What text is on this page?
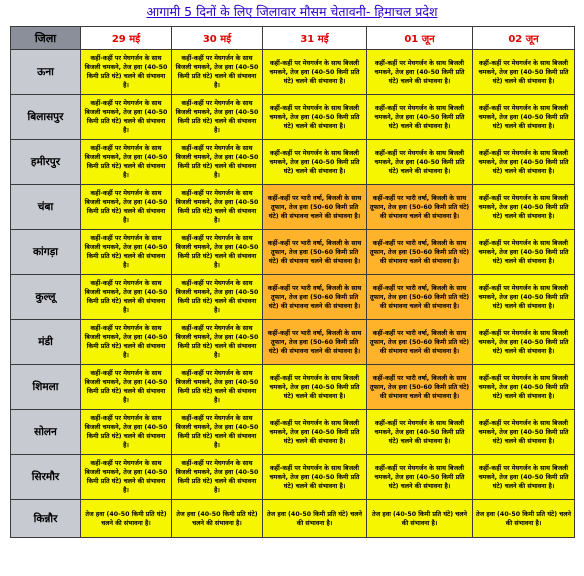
आगामी 5 दिनों के लिए जिलावार मौसम चेतावनी- हिमाचल प्रदेश
जिला	29 मई	30 मई	31 मई	01 जून	02 जून
ऊना	कहीं-कहीं पर मेघगर्जन के साथ बिजली चमकने, तेज हवा (40-50 किमी प्रति घंटे) चलने की संभावना है।	कहीं-कहीं पर मेघगर्जन के साथ बिजली चमकने, तेज हवा (40-50 किमी प्रति घंटे) चलने की संभावना है।	कहीं-कहीं पर मेघगर्जन के साथ बिजली चमकने, तेज हवा (40-50 किमी प्रति घंटे) चलने की संभावना है।	कहीं-कहीं पर मेघगर्जन के साथ बिजली चमकने, तेज हवा (40-50 किमी प्रति घंटे) चलने की संभावना है।	कहीं-कहीं पर मेघगर्जन के साथ बिजली चमकने, तेज हवा (40-50 किमी प्रति घंटे) चलने की संभावना है।
बिलासपुर	कहीं-कहीं पर मेघगर्जन के साथ बिजली चमकने, तेज हवा (40-50 किमी प्रति घंटे) चलने की संभावना है।	कहीं-कहीं पर मेघगर्जन के साथ बिजली चमकने, तेज हवा (40-50 किमी प्रति घंटे) चलने की संभावना है।	कहीं-कहीं पर मेघगर्जन के साथ बिजली चमकने, तेज हवा (40-50 किमी प्रति घंटे) चलने की संभावना है।	कहीं-कहीं पर मेघगर्जन के साथ बिजली चमकने, तेज हवा (40-50 किमी प्रति घंटे) चलने की संभावना है।	कहीं-कहीं पर मेघगर्जन के साथ बिजली चमकने, तेज हवा (40-50 किमी प्रति घंटे) चलने की संभावना है।
हमीरपुर	कहीं-कहीं पर मेघगर्जन के साथ बिजली चमकने, तेज हवा (40-50 किमी प्रति घंटे) चलने की संभावना है।	कहीं-कहीं पर मेघगर्जन के साथ बिजली चमकने, तेज हवा (40-50 किमी प्रति घंटे) चलने की संभावना है।	कहीं-कहीं पर मेघगर्जन के साथ बिजली चमकने, तेज हवा (40-50 किमी प्रति घंटे) चलने की संभावना है।	कहीं-कहीं पर मेघगर्जन के साथ बिजली चमकने, तेज हवा (40-50 किमी प्रति घंटे) चलने की संभावना है।	कहीं-कहीं पर मेघगर्जन के साथ बिजली चमकने, तेज हवा (40-50 किमी प्रति घंटे) चलने की संभावना है।
चंबा	कहीं-कहीं पर मेघगर्जन के साथ बिजली चमकने, तेज हवा (40-50 किमी प्रति घंटे) चलने की संभावना है।	कहीं-कहीं पर मेघगर्जन के साथ बिजली चमकने, तेज हवा (40-50 किमी प्रति घंटे) चलने की संभावना है।	कहीं-कहीं पर भारी वर्षा, बिजली के साथ तूफान, तेज हवा (50-60 किमी प्रति घंटे) की संभावना चलने की संभावना है।	कहीं-कहीं पर भारी वर्षा, बिजली के साथ तूफान, तेज हवा (50-60 किमी प्रति घंटे) की संभावना चलने की संभावना है।	कहीं-कहीं पर मेघगर्जन के साथ बिजली चमकने, तेज हवा (40-50 किमी प्रति घंटे) चलने की संभावना है।
कांगड़ा	कहीं-कहीं पर मेघगर्जन के साथ बिजली चमकने, तेज हवा (40-50 किमी प्रति घंटे) चलने की संभावना है।	कहीं-कहीं पर मेघगर्जन के साथ बिजली चमकने, तेज हवा (40-50 किमी प्रति घंटे) चलने की संभावना है।	कहीं-कहीं पर भारी वर्षा, बिजली के साथ तूफान, तेज हवा (50-60 किमी प्रति घंटे) की संभावना चलने की संभावना है।	कहीं-कहीं पर भारी वर्षा, बिजली के साथ तूफान, तेज हवा (50-60 किमी प्रति घंटे) की संभावना चलने की संभावना है।	कहीं-कहीं पर मेघगर्जन के साथ बिजली चमकने, तेज हवा (40-50 किमी प्रति घंटे) चलने की संभावना है।
कुल्लू	कहीं-कहीं पर मेघगर्जन के साथ बिजली चमकने, तेज हवा (40-50 किमी प्रति घंटे) चलने की संभावना है।	कहीं-कहीं पर मेघगर्जन के साथ बिजली चमकने, तेज हवा (40-50 किमी प्रति घंटे) चलने की संभावना है।	कहीं-कहीं पर भारी वर्षा, बिजली के साथ तूफान, तेज हवा (50-60 किमी प्रति घंटे) की संभावना चलने की संभावना है।	कहीं-कहीं पर भारी वर्षा, बिजली के साथ तूफान, तेज हवा (50-60 किमी प्रति घंटे) की संभावना चलने की संभावना है।	कहीं-कहीं पर मेघगर्जन के साथ बिजली चमकने, तेज हवा (40-50 किमी प्रति घंटे) चलने की संभावना है।
मंडी	कहीं-कहीं पर मेघगर्जन के साथ बिजली चमकने, तेज हवा (40-50 किमी प्रति घंटे) चलने की संभावना है।	कहीं-कहीं पर मेघगर्जन के साथ बिजली चमकने, तेज हवा (40-50 किमी प्रति घंटे) चलने की संभावना है।	कहीं-कहीं पर भारी वर्षा, बिजली के साथ तूफान, तेज हवा (50-60 किमी प्रति घंटे) की संभावना चलने की संभावना है।	कहीं-कहीं पर भारी वर्षा, बिजली के साथ तूफान, तेज हवा (50-60 किमी प्रति घंटे) की संभावना चलने की संभावना है।	कहीं-कहीं पर मेघगर्जन के साथ बिजली चमकने, तेज हवा (40-50 किमी प्रति घंटे) चलने की संभावना है।
शिमला	कहीं-कहीं पर मेघगर्जन के साथ बिजली चमकने, तेज हवा (40-50 किमी प्रति घंटे) चलने की संभावना है।	कहीं-कहीं पर मेघगर्जन के साथ बिजली चमकने, तेज हवा (40-50 किमी प्रति घंटे) चलने की संभावना है।	कहीं-कहीं पर मेघगर्जन के साथ बिजली चमकने, तेज हवा (40-50 किमी प्रति घंटे) चलने की संभावना है।	कहीं-कहीं पर भारी वर्षा, बिजली के साथ तूफान, तेज हवा (50-60 किमी प्रति घंटे) की संभावना चलने की संभावना है।	कहीं-कहीं पर मेघगर्जन के साथ बिजली चमकने, तेज हवा (40-50 किमी प्रति घंटे) चलने की संभावना है।
सोलन	कहीं-कहीं पर मेघगर्जन के साथ बिजली चमकने, तेज हवा (40-50 किमी प्रति घंटे) चलने की संभावना है।	कहीं-कहीं पर मेघगर्जन के साथ बिजली चमकने, तेज हवा (40-50 किमी प्रति घंटे) चलने की संभावना है।	कहीं-कहीं पर मेघगर्जन के साथ बिजली चमकने, तेज हवा (40-50 किमी प्रति घंटे) चलने की संभावना है।	कहीं-कहीं पर मेघगर्जन के साथ बिजली चमकने, तेज हवा (40-50 किमी प्रति घंटे) चलने की संभावना है।	कहीं-कहीं पर मेघगर्जन के साथ बिजली चमकने, तेज हवा (40-50 किमी प्रति घंटे) चलने की संभावना है।
सिरमौर	कहीं-कहीं पर मेघगर्जन के साथ बिजली चमकने, तेज हवा (40-50 किमी प्रति घंटे) चलने की संभावना है।	कहीं-कहीं पर मेघगर्जन के साथ बिजली चमकने, तेज हवा (40-50 किमी प्रति घंटे) चलने की संभावना है।	कहीं-कहीं पर मेघगर्जन के साथ बिजली चमकने, तेज हवा (40-50 किमी प्रति घंटे) चलने की संभावना है।	कहीं-कहीं पर मेघगर्जन के साथ बिजली चमकने, तेज हवा (40-50 किमी प्रति घंटे) चलने की संभावना है।	कहीं-कहीं पर मेघगर्जन के साथ बिजली चमकने, तेज हवा (40-50 किमी प्रति घंटे) चलने की संभावना है।
किन्नौर	तेज हवा (40-50 किमी प्रति घंटे) चलने की संभावना है।	तेज हवा (40-50 किमी प्रति घंटे) चलने की संभावना है।	तेज हवा (40-50 किमी प्रति घंटे) चलने की संभावना है।	तेज हवा (40-50 किमी प्रति घंटे) चलने की संभावना है।	तेज हवा (40-50 किमी प्रति घंटे) चलने की संभावना है।
